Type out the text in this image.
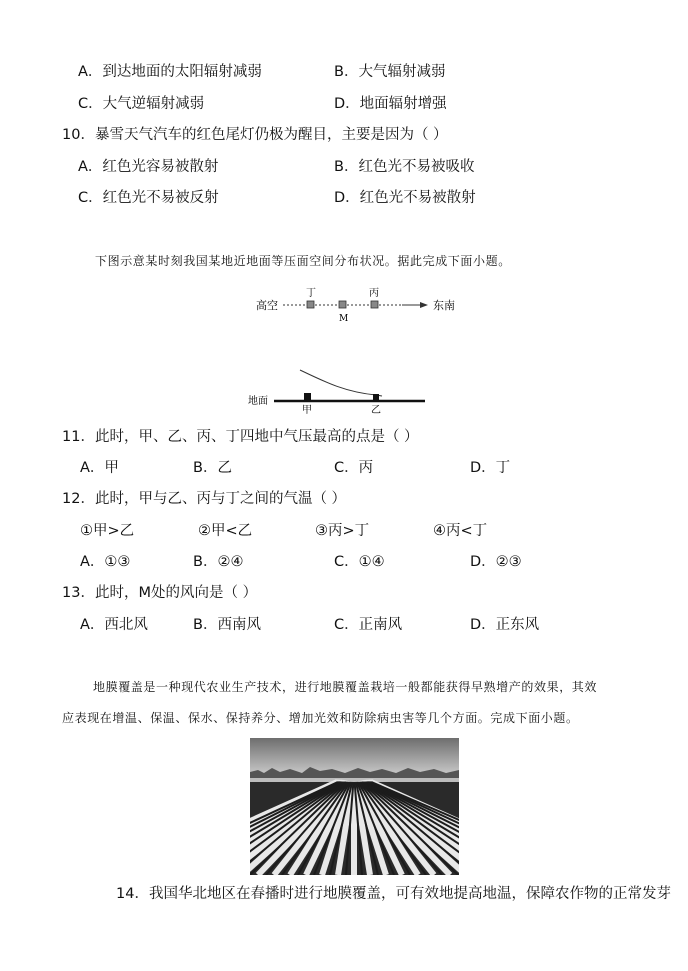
A．到达地面的太阳辐射减弱	B．大气辐射减弱
C．大气逆辐射减弱	D．地面辐射增强
10．暴雪天气汽车的红色尾灯仍极为醒目，主要是因为（ ）
A．红色光容易被散射	B．红色光不易被吸收
C．红色光不易被反射	D．红色光不易被散射
下图示意某时刻我国某地近地面等压面空间分布状况。据此完成下面小题。
高空	东南
丁
M
丙
地面
甲	乙
11．此时，甲、乙、丙、丁四地中气压最高的点是（ ）
A．甲	B．乙	C．丙	D．丁
12．此时，甲与乙、丙与丁之间的气温（ ）
①甲>乙	②甲<乙	③丙>丁	④丙<丁
A．①③	B．②④	C．①④	D．②③
13．此时，M处的风向是（ ）
A．西北风	B．西南风	C．正南风	D．正东风
地膜覆盖是一种现代农业生产技术，进行地膜覆盖栽培一般都能获得早熟增产的效果，其效
应表现在增温、保温、保水、保持养分、增加光效和防除病虫害等几个方面。完成下面小题。
14．我国华北地区在春播时进行地膜覆盖，可有效地提高地温，保障农作物的正常发芽
